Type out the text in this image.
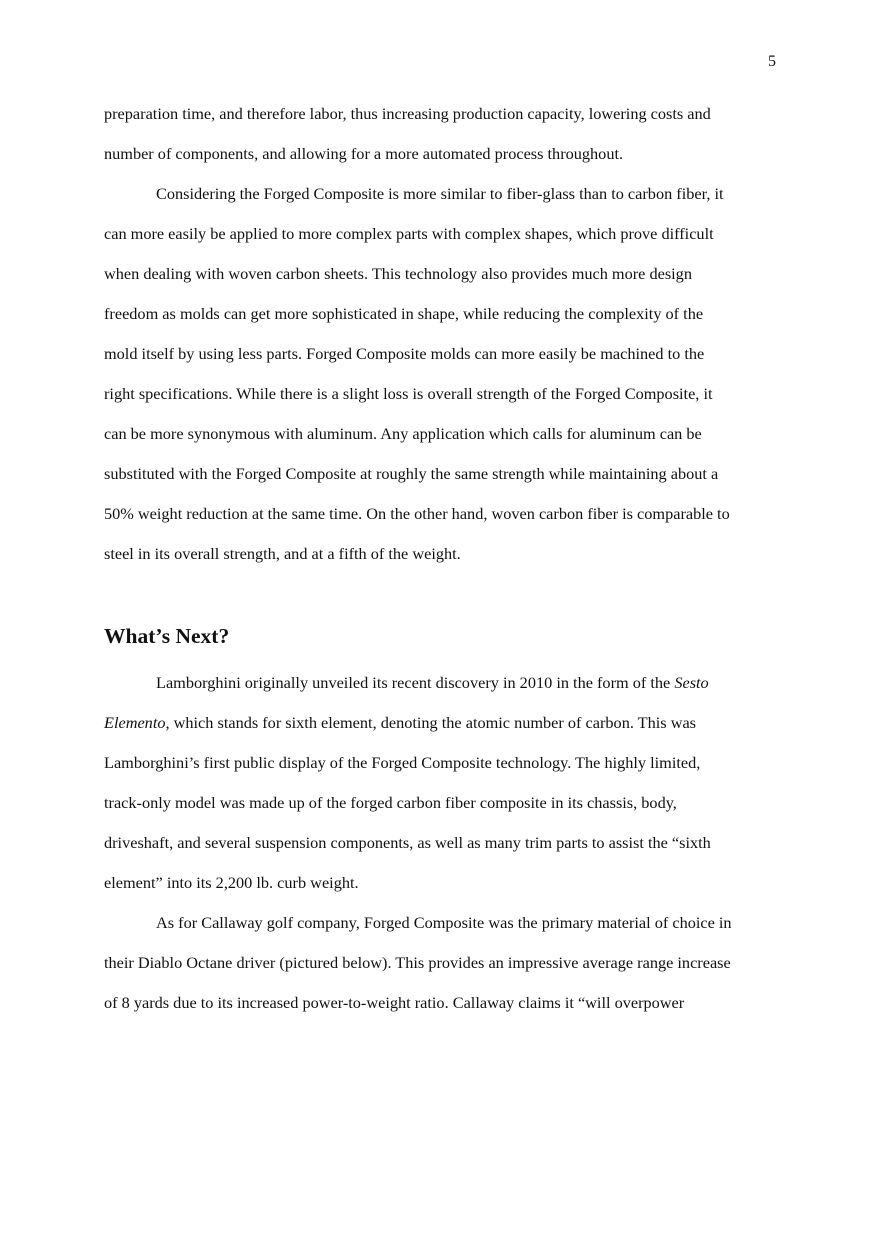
5
preparation time, and therefore labor, thus increasing production capacity, lowering costs and
number of components, and allowing for a more automated process throughout.
Considering the Forged Composite is more similar to fiber-glass than to carbon fiber, it
can more easily be applied to more complex parts with complex shapes, which prove difficult
when dealing with woven carbon sheets. This technology also provides much more design
freedom as molds can get more sophisticated in shape, while reducing the complexity of the
mold itself by using less parts. Forged Composite molds can more easily be machined to the
right specifications. While there is a slight loss is overall strength of the Forged Composite, it
can be more synonymous with aluminum. Any application which calls for aluminum can be
substituted with the Forged Composite at roughly the same strength while maintaining about a
50% weight reduction at the same time. On the other hand, woven carbon fiber is comparable to
steel in its overall strength, and at a fifth of the weight.
What’s Next?
Lamborghini originally unveiled its recent discovery in 2010 in the form of the Sesto
Elemento, which stands for sixth element, denoting the atomic number of carbon. This was
Lamborghini’s first public display of the Forged Composite technology. The highly limited,
track-only model was made up of the forged carbon fiber composite in its chassis, body,
driveshaft, and several suspension components, as well as many trim parts to assist the “sixth
element” into its 2,200 lb. curb weight.
As for Callaway golf company, Forged Composite was the primary material of choice in
their Diablo Octane driver (pictured below). This provides an impressive average range increase
of 8 yards due to its increased power-to-weight ratio. Callaway claims it “will overpower
